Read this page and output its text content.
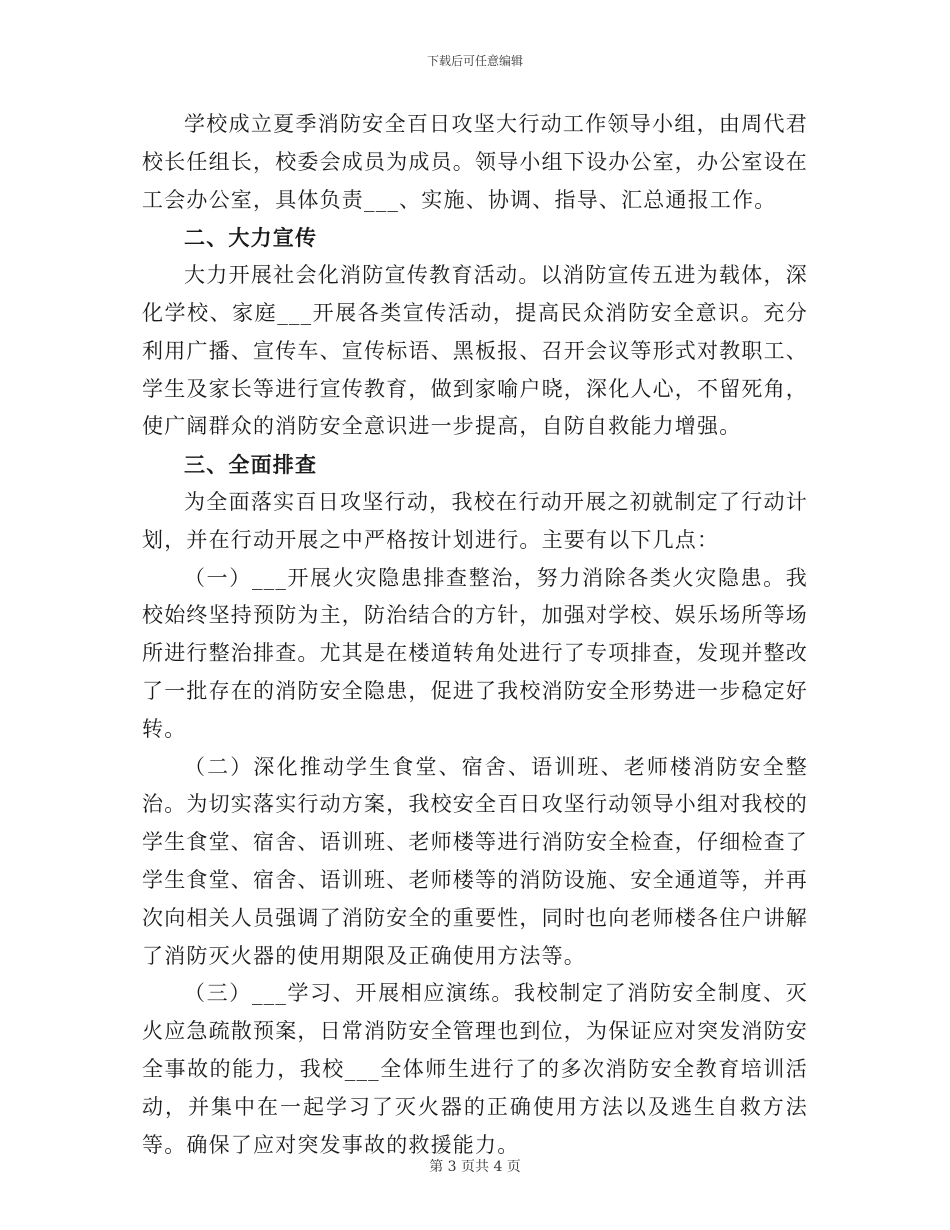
下载后可任意编辑

学校成立夏季消防安全百日攻坚大行动工作领导小组，由周代君校长任组长，校委会成员为成员。领导小组下设办公室，办公室设在工会办公室，具体负责___、实施、协调、指导、汇总通报工作。

二、大力宣传

大力开展社会化消防宣传教育活动。以消防宣传五进为载体，深化学校、家庭___开展各类宣传活动，提高民众消防安全意识。充分利用广播、宣传车、宣传标语、黑板报、召开会议等形式对教职工、学生及家长等进行宣传教育，做到家喻户晓，深化人心，不留死角，使广阔群众的消防安全意识进一步提高，自防自救能力增强。

三、全面排查

为全面落实百日攻坚行动，我校在行动开展之初就制定了行动计划，并在行动开展之中严格按计划进行。主要有以下几点：

（一）___开展火灾隐患排查整治，努力消除各类火灾隐患。我校始终坚持预防为主，防治结合的方针，加强对学校、娱乐场所等场所进行整治排查。尤其是在楼道转角处进行了专项排查，发现并整改了一批存在的消防安全隐患，促进了我校消防安全形势进一步稳定好转。

（二）深化推动学生食堂、宿舍、语训班、老师楼消防安全整治。为切实落实行动方案，我校安全百日攻坚行动领导小组对我校的学生食堂、宿舍、语训班、老师楼等进行消防安全检查，仔细检查了学生食堂、宿舍、语训班、老师楼等的消防设施、安全通道等，并再次向相关人员强调了消防安全的重要性，同时也向老师楼各住户讲解了消防灭火器的使用期限及正确使用方法等。

（三）___学习、开展相应演练。我校制定了消防安全制度、灭火应急疏散预案，日常消防安全管理也到位，为保证应对突发消防安全事故的能力，我校___全体师生进行了的多次消防安全教育培训活动，并集中在一起学习了灭火器的正确使用方法以及逃生自救方法等。确保了应对突发事故的救援能力。

第 3 页共 4 页
